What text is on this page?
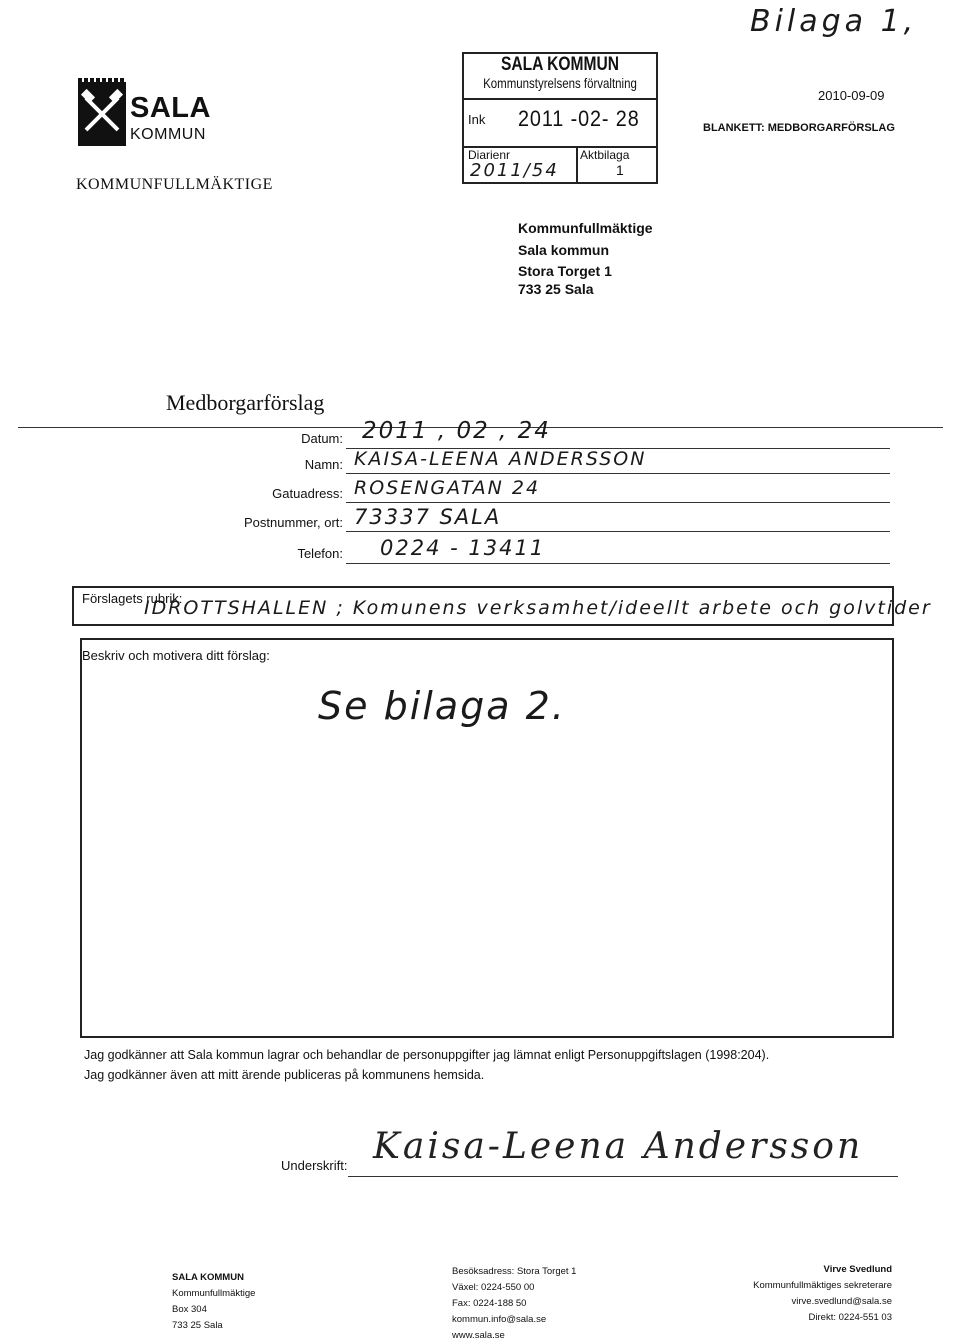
Bilaga 1,
SALA
KOMMUN
KOMMUNFULLMÄKTIGE
SALA KOMMUN
Kommunstyrelsens förvaltning
Ink 2011 -02- 28
Diarienr
2011/54
Aktbilaga
1
2010-09-09
BLANKETT: MEDBORGARFÖRSLAG
Kommunfullmäktige
Sala kommun
Stora Torget 1
733 25 Sala
Medborgarförslag
Datum: 2011 , 02 , 24
Namn: KAISA-LEENA ANDERSSON
Gatuadress: ROSENGATAN 24
Postnummer, ort: 73337 SALA
Telefon: 0224 - 13411
Förslagets rubrik:
IDROTTSHALLEN ; Komunens verksamhet/ideellt arbete och golvtider
Beskriv och motivera ditt förslag:
Se bilaga 2.
Jag godkänner att Sala kommun lagrar och behandlar de personuppgifter jag lämnat enligt Personuppgiftslagen (1998:204).
Jag godkänner även att mitt ärende publiceras på kommunens hemsida.
Underskrift: Kaisa-Leena Andersson
SALA KOMMUN
Kommunfullmäktige
Box 304
733 25 Sala
Besöksadress: Stora Torget 1
Växel: 0224-550 00
Fax: 0224-188 50
kommun.info@sala.se
www.sala.se
Virve Svedlund
Kommunfullmäktiges sekreterare
virve.svedlund@sala.se
Direkt: 0224-551 03
